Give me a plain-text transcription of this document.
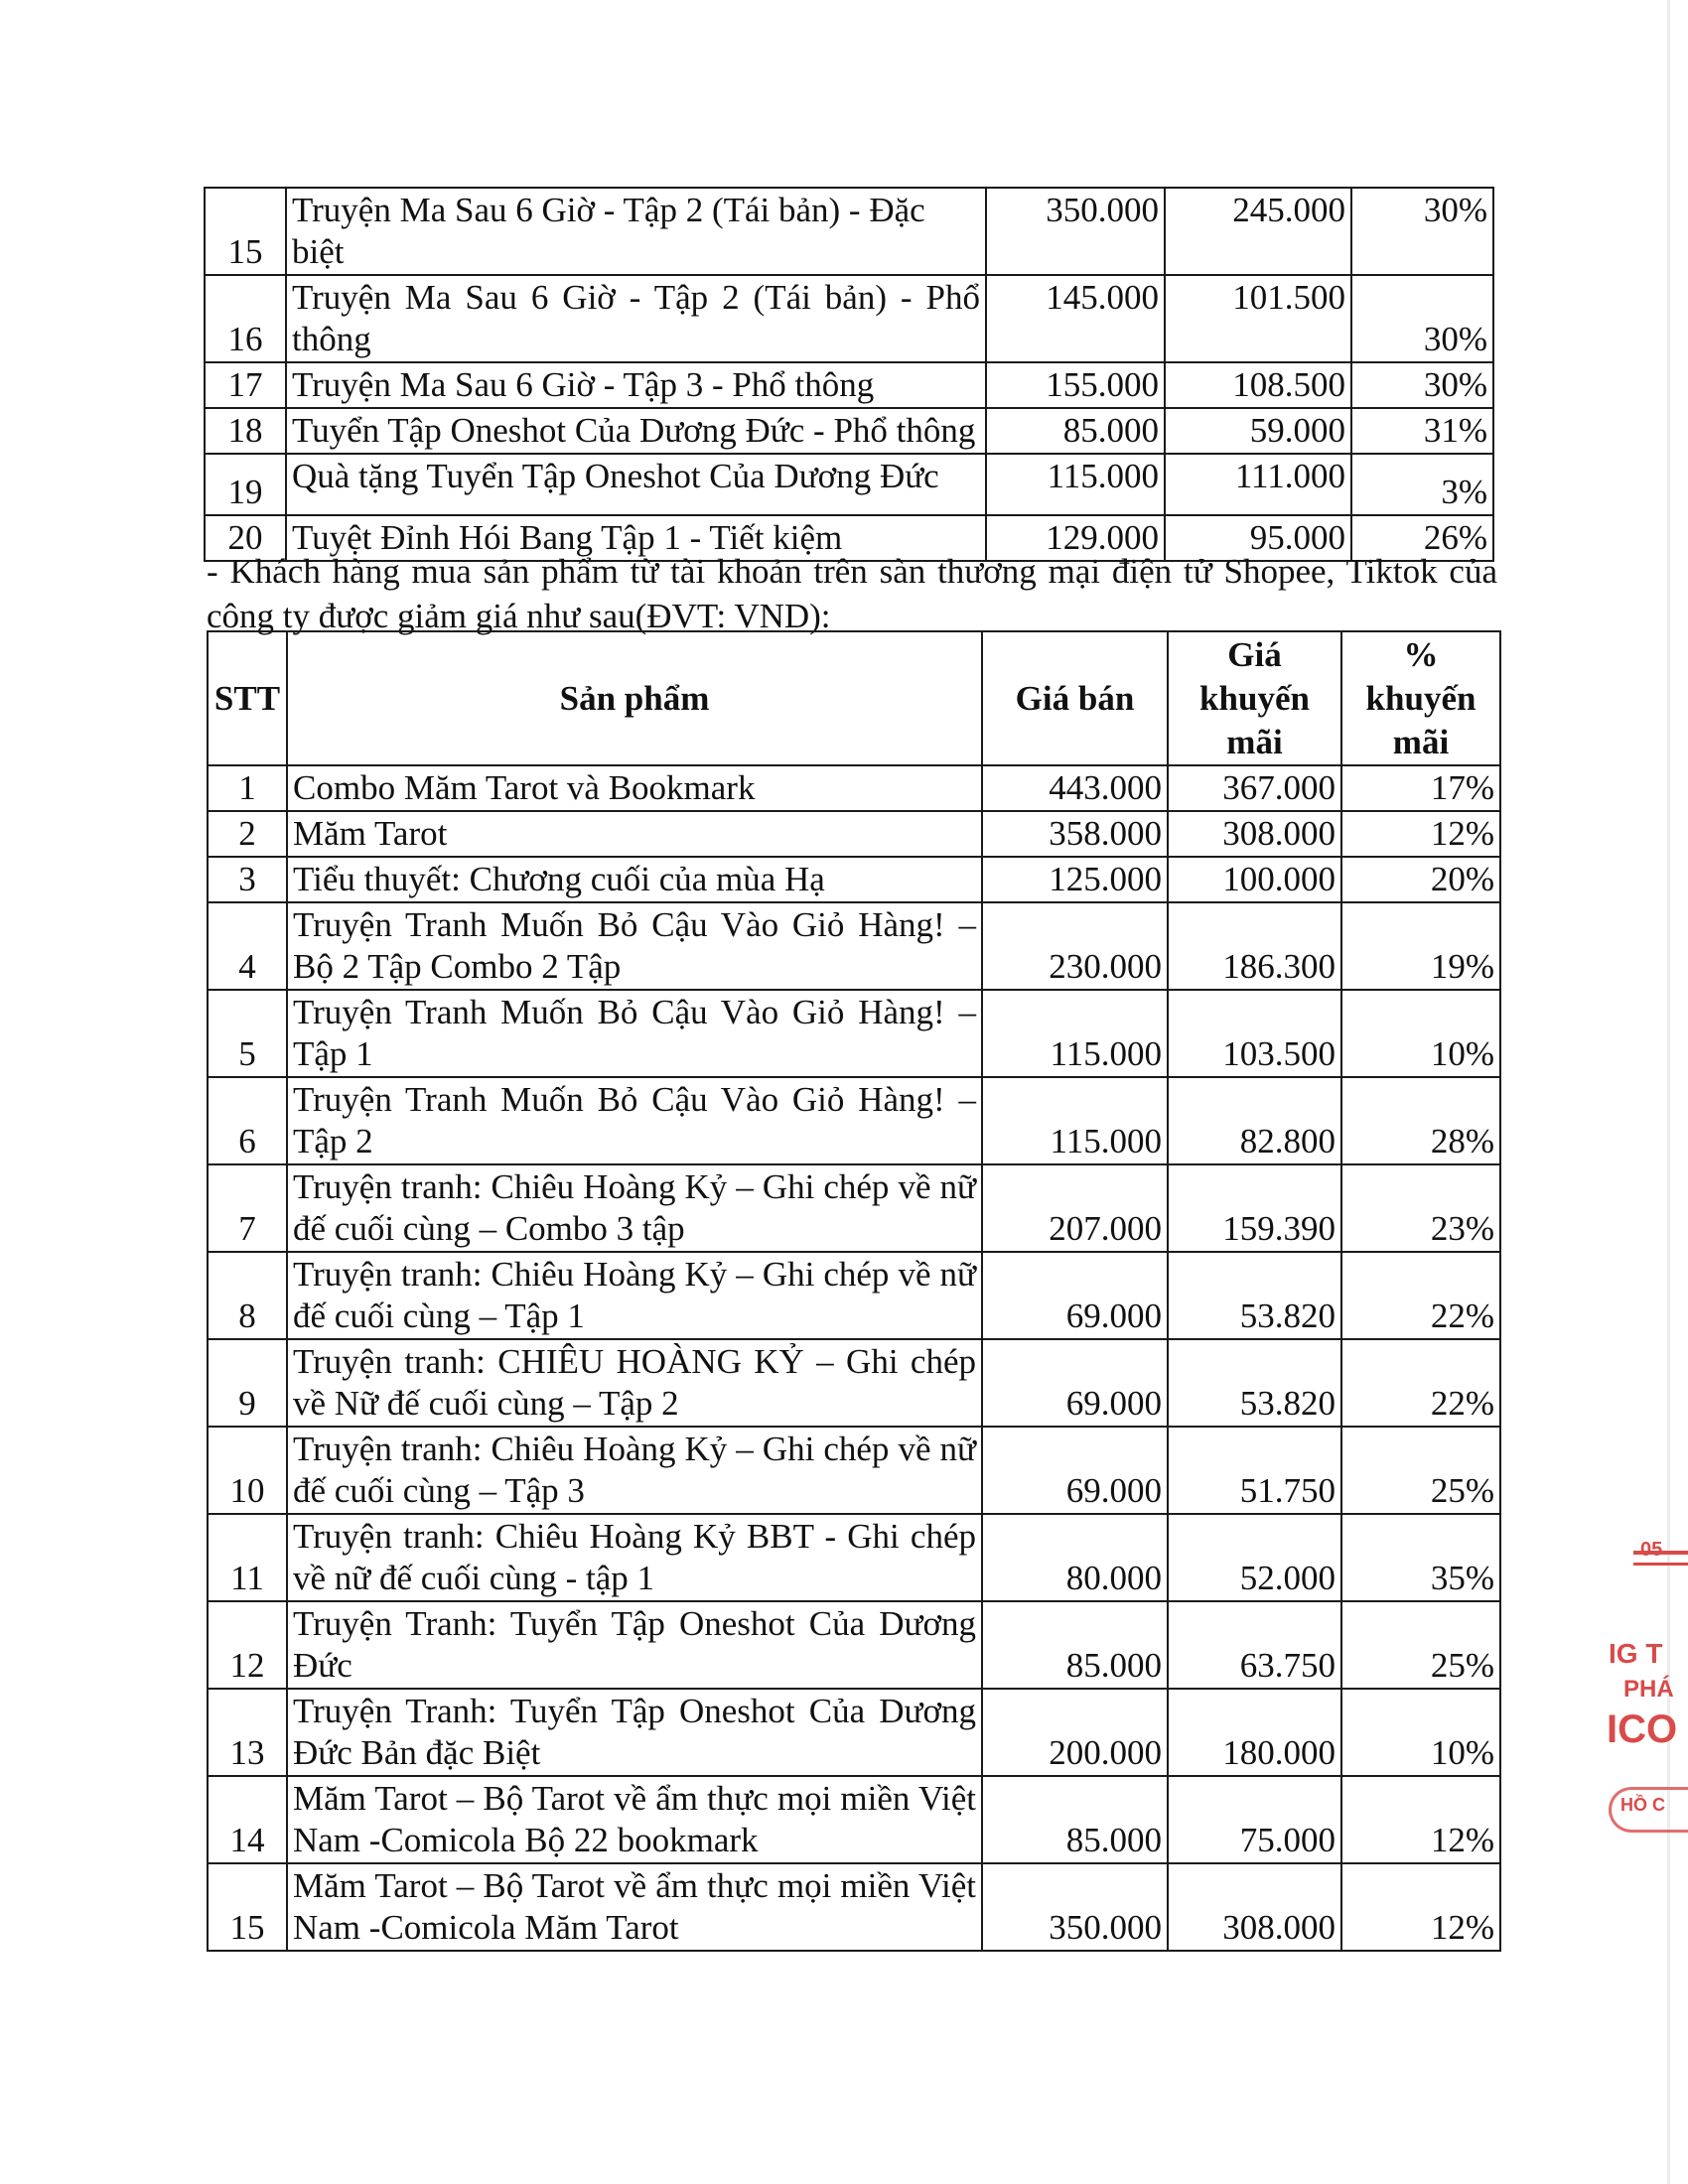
15	Truyện Ma Sau 6 Giờ - Tập 2 (Tái bản) - Đặc biệt	350.000	245.000	30%
16	Truyện Ma Sau 6 Giờ - Tập 2 (Tái bản) - Phổ thông	145.000	101.500	30%
17	Truyện Ma Sau 6 Giờ - Tập 3 - Phổ thông	155.000	108.500	30%
18	Tuyển Tập Oneshot Của Dương Đức - Phổ thông	85.000	59.000	31%
19	Quà tặng Tuyển Tập Oneshot Của Dương Đức	115.000	111.000	3%
20	Tuyệt Đỉnh Hói Bang Tập 1 - Tiết kiệm	129.000	95.000	26%
- Khách hàng mua sản phẩm từ tài khoản trên sàn thương mại điện tử Shopee, Tiktok của công ty được giảm giá như sau(ĐVT: VND):
STT	Sản phẩm	Giá bán	Giá khuyến mãi	% khuyến mãi
1	Combo Măm Tarot và Bookmark	443.000	367.000	17%
2	Măm Tarot	358.000	308.000	12%
3	Tiểu thuyết: Chương cuối của mùa Hạ	125.000	100.000	20%
4	Truyện Tranh Muốn Bỏ Cậu Vào Giỏ Hàng! – Bộ 2 Tập Combo 2 Tập	230.000	186.300	19%
5	Truyện Tranh Muốn Bỏ Cậu Vào Giỏ Hàng! – Tập 1	115.000	103.500	10%
6	Truyện Tranh Muốn Bỏ Cậu Vào Giỏ Hàng! – Tập 2	115.000	82.800	28%
7	Truyện tranh: Chiêu Hoàng Kỷ – Ghi chép về nữ đế cuối cùng – Combo 3 tập	207.000	159.390	23%
8	Truyện tranh: Chiêu Hoàng Kỷ – Ghi chép về nữ đế cuối cùng – Tập 1	69.000	53.820	22%
9	Truyện tranh: CHIÊU HOÀNG KỶ – Ghi chép về Nữ đế cuối cùng – Tập 2	69.000	53.820	22%
10	Truyện tranh: Chiêu Hoàng Kỷ – Ghi chép về nữ đế cuối cùng – Tập 3	69.000	51.750	25%
11	Truyện tranh: Chiêu Hoàng Kỷ BBT - Ghi chép về nữ đế cuối cùng - tập 1	80.000	52.000	35%
12	Truyện Tranh: Tuyển Tập Oneshot Của Dương Đức	85.000	63.750	25%
13	Truyện Tranh: Tuyển Tập Oneshot Của Dương Đức Bản đặc Biệt	200.000	180.000	10%
14	Măm Tarot – Bộ Tarot về ẩm thực mọi miền Việt Nam -Comicola Bộ 22 bookmark	85.000	75.000	12%
15	Măm Tarot – Bộ Tarot về ẩm thực mọi miền Việt Nam -Comicola Măm Tarot	350.000	308.000	12%
05
IG T
PHÁ
ICO
HỒ C
